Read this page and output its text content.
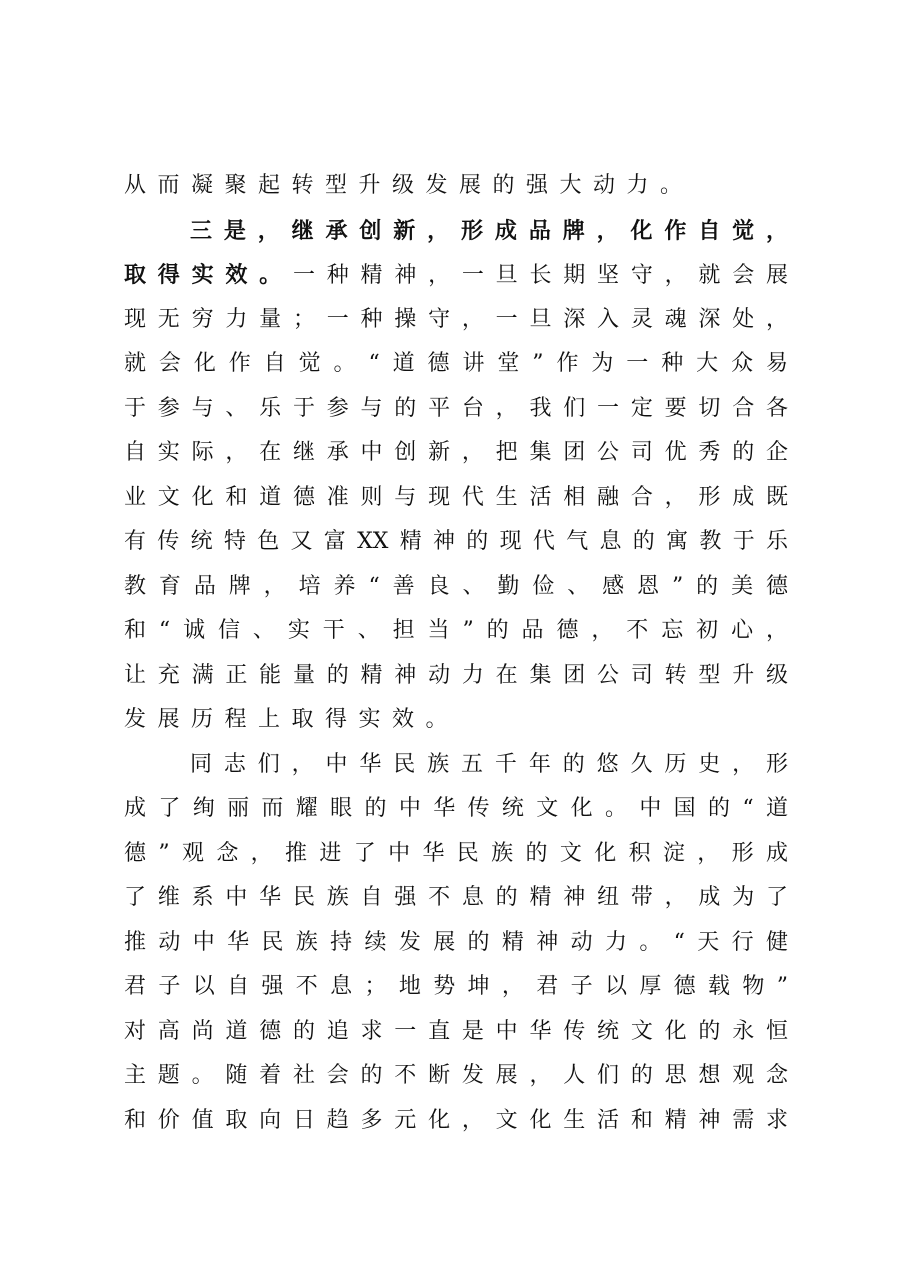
从而凝聚起转型升级发展的强大动力。
三是，继承创新，形成品牌，化作自觉，
取得实效。一种精神，一旦长期坚守，就会展
现无穷力量；一种操守，一旦深入灵魂深处，
就会化作自觉。“道德讲堂”作为一种大众易
于参与、乐于参与的平台，我们一定要切合各
自实际，在继承中创新，把集团公司优秀的企
业文化和道德准则与现代生活相融合，形成既
有传统特色又富XX精神的现代气息的寓教于乐
教育品牌，培养“善良、勤俭、感恩”的美德
和“诚信、实干、担当”的品德，不忘初心，
让充满正能量的精神动力在集团公司转型升级
发展历程上取得实效。
同志们，中华民族五千年的悠久历史，形
成了绚丽而耀眼的中华传统文化。中国的“道
德”观念，推进了中华民族的文化积淀，形成
了维系中华民族自强不息的精神纽带，成为了
推动中华民族持续发展的精神动力。“天行健
君子以自强不息；地势坤，君子以厚德载物”
对高尚道德的追求一直是中华传统文化的永恒
主题。随着社会的不断发展，人们的思想观念
和价值取向日趋多元化，文化生活和精神需求
